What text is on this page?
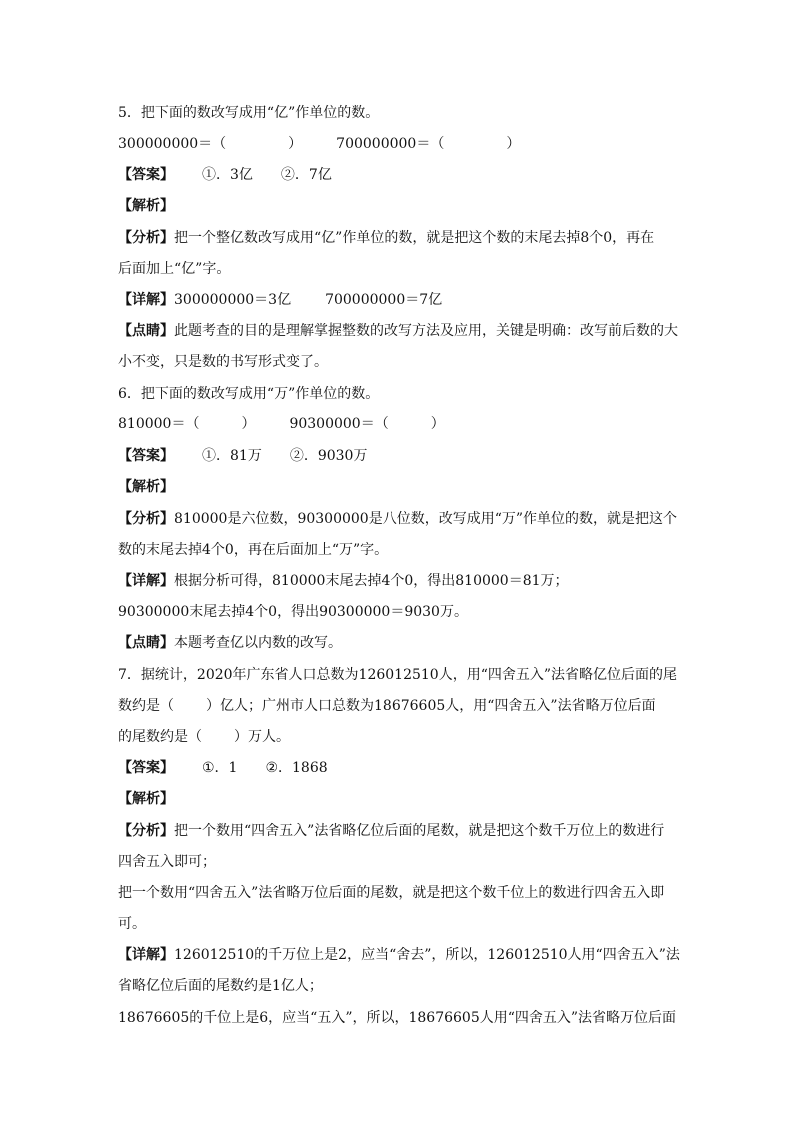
5．把下面的数改写成用“亿”作单位的数。
300000000＝（	） 700000000＝（	）
【答案】 ①．3亿 ②．7亿
【解析】
【分析】把一个整亿数改写成用“亿”作单位的数，就是把这个数的末尾去掉8个0，再在
后面加上“亿”字。
【详解】300000000＝3亿 700000000＝7亿
【点睛】此题考查的目的是理解掌握整数的改写方法及应用，关键是明确：改写前后数的大
小不变，只是数的书写形式变了。
6．把下面的数改写成用“万”作单位的数。
810000＝（	） 90300000＝（	）
【答案】 ①．81万 ②．9030万
【解析】
【分析】810000是六位数，90300000是八位数，改写成用“万”作单位的数，就是把这个
数的末尾去掉4个0，再在后面加上“万”字。
【详解】根据分析可得，810000末尾去掉4个0，得出810000＝81万；
90300000末尾去掉4个0，得出90300000＝9030万。
【点睛】本题考查亿以内数的改写。
7．据统计，2020年广东省人口总数为126012510人，用“四舍五入”法省略亿位后面的尾
数约是（ ）亿人；广州市人口总数为18676605人，用“四舍五入”法省略万位后面
的尾数约是（ ）万人。
【答案】 ①．1 ②．1868
【解析】
【分析】把一个数用“四舍五入”法省略亿位后面的尾数，就是把这个数千万位上的数进行
四舍五入即可；
把一个数用“四舍五入”法省略万位后面的尾数，就是把这个数千位上的数进行四舍五入即
可。
【详解】126012510的千万位上是2，应当“舍去”，所以，126012510人用“四舍五入”法
省略亿位后面的尾数约是1亿人；
18676605的千位上是6，应当“五入”，所以，18676605人用“四舍五入”法省略万位后面
